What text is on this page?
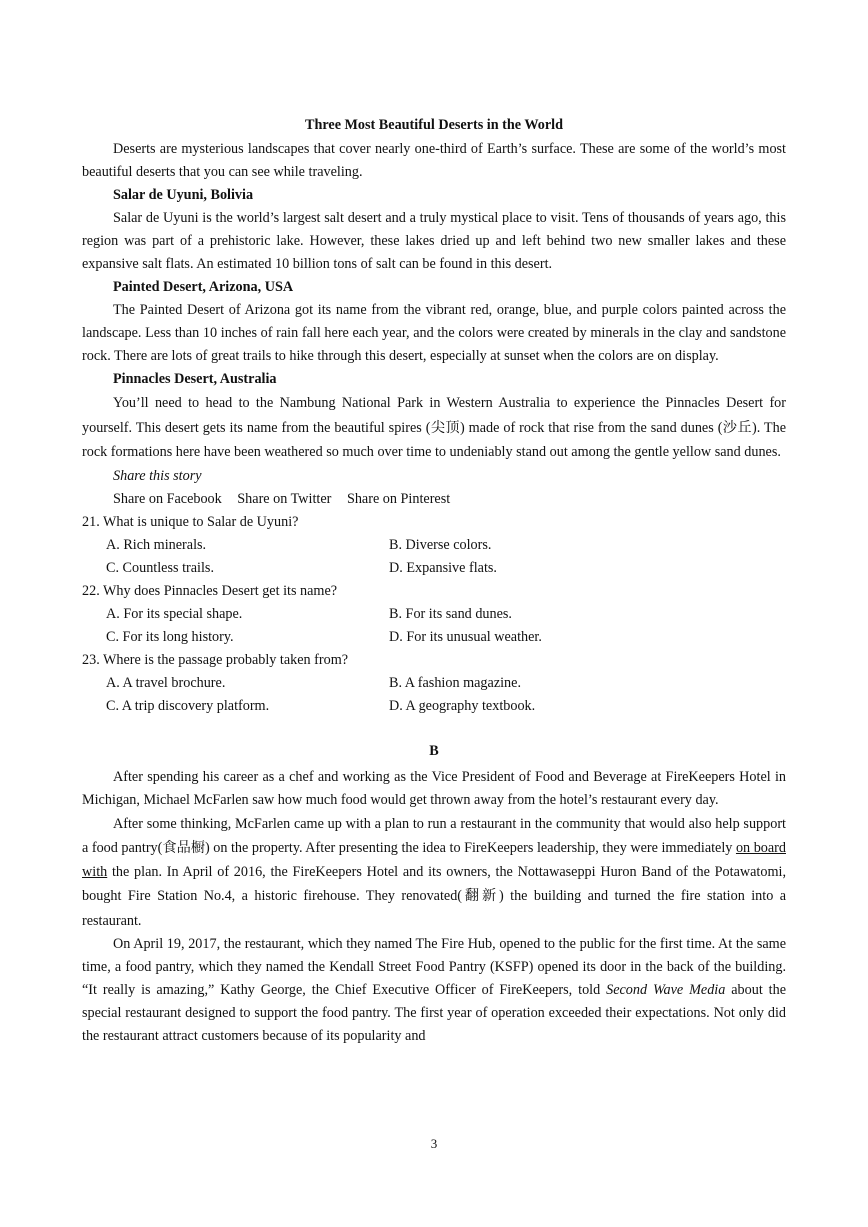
Three Most Beautiful Deserts in the World

Deserts are mysterious landscapes that cover nearly one-third of Earth’s surface. These are some of the world’s most beautiful deserts that you can see while traveling.

Salar de Uyuni, Bolivia

Salar de Uyuni is the world’s largest salt desert and a truly mystical place to visit. Tens of thousands of years ago, this region was part of a prehistoric lake. However, these lakes dried up and left behind two new smaller lakes and these expansive salt flats. An estimated 10 billion tons of salt can be found in this desert.

Painted Desert, Arizona, USA

The Painted Desert of Arizona got its name from the vibrant red, orange, blue, and purple colors painted across the landscape. Less than 10 inches of rain fall here each year, and the colors were created by minerals in the clay and sandstone rock. There are lots of great trails to hike through this desert, especially at sunset when the colors are on display.

Pinnacles Desert, Australia

You’ll need to head to the Nambung National Park in Western Australia to experience the Pinnacles Desert for yourself. This desert gets its name from the beautiful spires (尖顶) made of rock that rise from the sand dunes (沙丘). The rock formations here have been weathered so much over time to undeniably stand out among the gentle yellow sand dunes.

Share this story

Share on Facebook Share on Twitter Share on Pinterest

21. What is unique to Salar de Uyuni?

A. Rich minerals.	B. Diverse colors.
C. Countless trails.	D. Expansive flats.

22. Why does Pinnacles Desert get its name?

A. For its special shape.	B. For its sand dunes.
C. For its long history.	D. For its unusual weather.

23. Where is the passage probably taken from?

A. A travel brochure.	B. A fashion magazine.
C. A trip discovery platform.	D. A geography textbook.

B

After spending his career as a chef and working as the Vice President of Food and Beverage at FireKeepers Hotel in Michigan, Michael McFarlen saw how much food would get thrown away from the hotel’s restaurant every day.

After some thinking, McFarlen came up with a plan to run a restaurant in the community that would also help support a food pantry(食品橱) on the property. After presenting the idea to FireKeepers leadership, they were immediately on board with the plan. In April of 2016, the FireKeepers Hotel and its owners, the Nottawaseppi Huron Band of the Potawatomi, bought Fire Station No.4, a historic firehouse. They renovated(翻新) the building and turned the fire station into a restaurant.

On April 19, 2017, the restaurant, which they named The Fire Hub, opened to the public for the first time. At the same time, a food pantry, which they named the Kendall Street Food Pantry (KSFP) opened its door in the back of the building. “It really is amazing,” Kathy George, the Chief Executive Officer of FireKeepers, told Second Wave Media about the special restaurant designed to support the food pantry. The first year of operation exceeded their expectations. Not only did the restaurant attract customers because of its popularity and

3
